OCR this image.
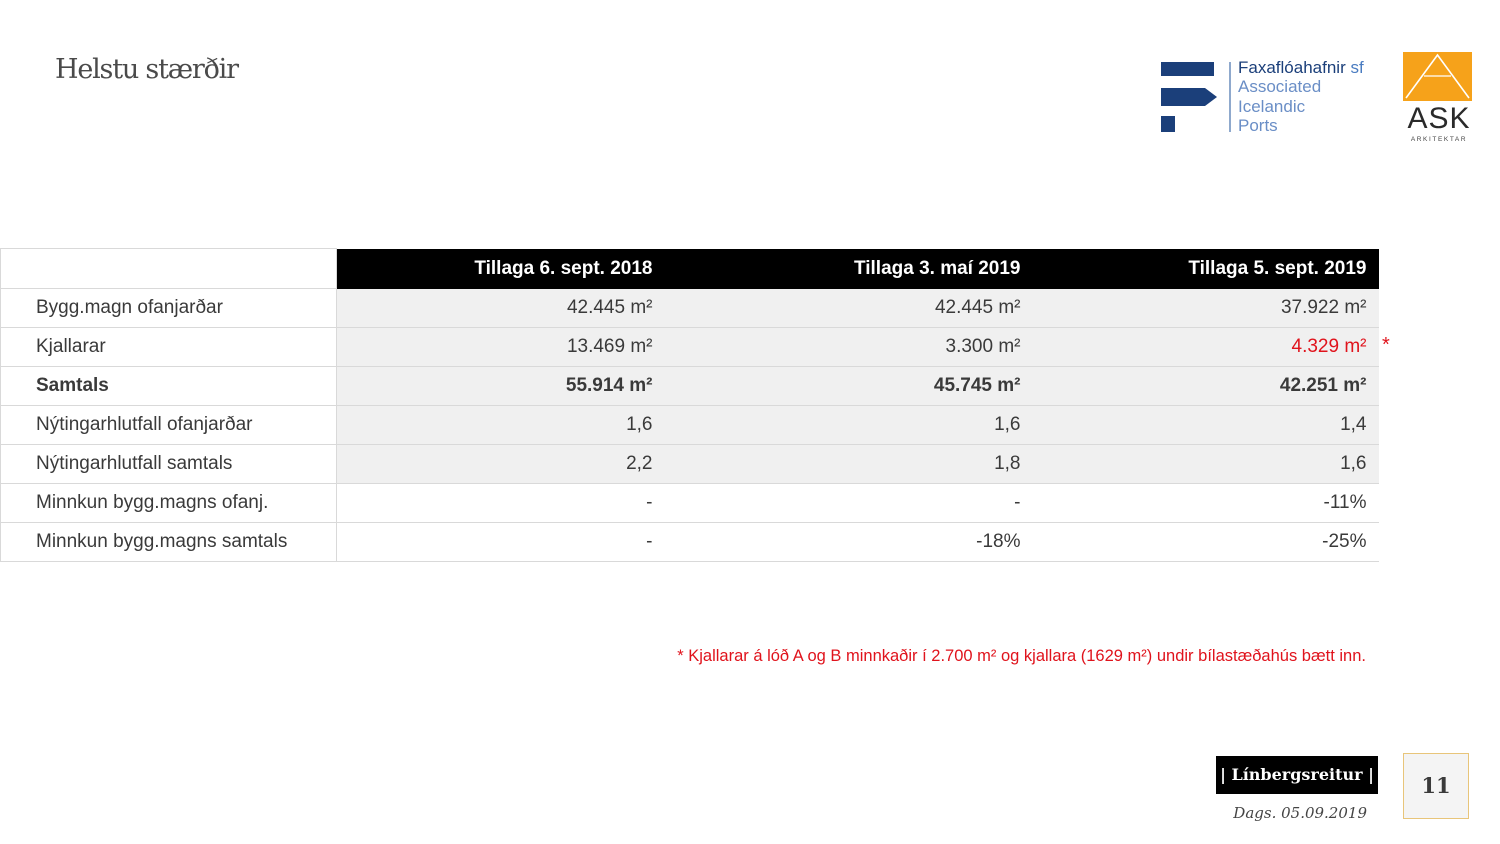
Helstu stærðir	Faxaflóahafnir sf
Associated
Icelandic
Ports	ASK
ARKITEKTAR
	Tillaga 6. sept. 2018	Tillaga 3. maí 2019	Tillaga 5. sept. 2019
Bygg.magn ofanjarðar	42.445 m²	42.445 m²	37.922 m²
Kjallarar	13.469 m²	3.300 m²	4.329 m²
Samtals	55.914 m²	45.745 m²	42.251 m²
Nýtingarhlutfall ofanjarðar	1,6	1,6	1,4
Nýtingarhlutfall samtals	2,2	1,8	1,6
Minnkun bygg.magns ofanj.	-	-	-11%
Minnkun bygg.magns samtals	-	-18%	-25%
*
* Kjallarar á lóð A og B minnkaðir í 2.700 m² og kjallara (1629 m²) undir bílastæðahús bætt inn.
| Línbergsreitur |	11
Dags. 05.09.2019
